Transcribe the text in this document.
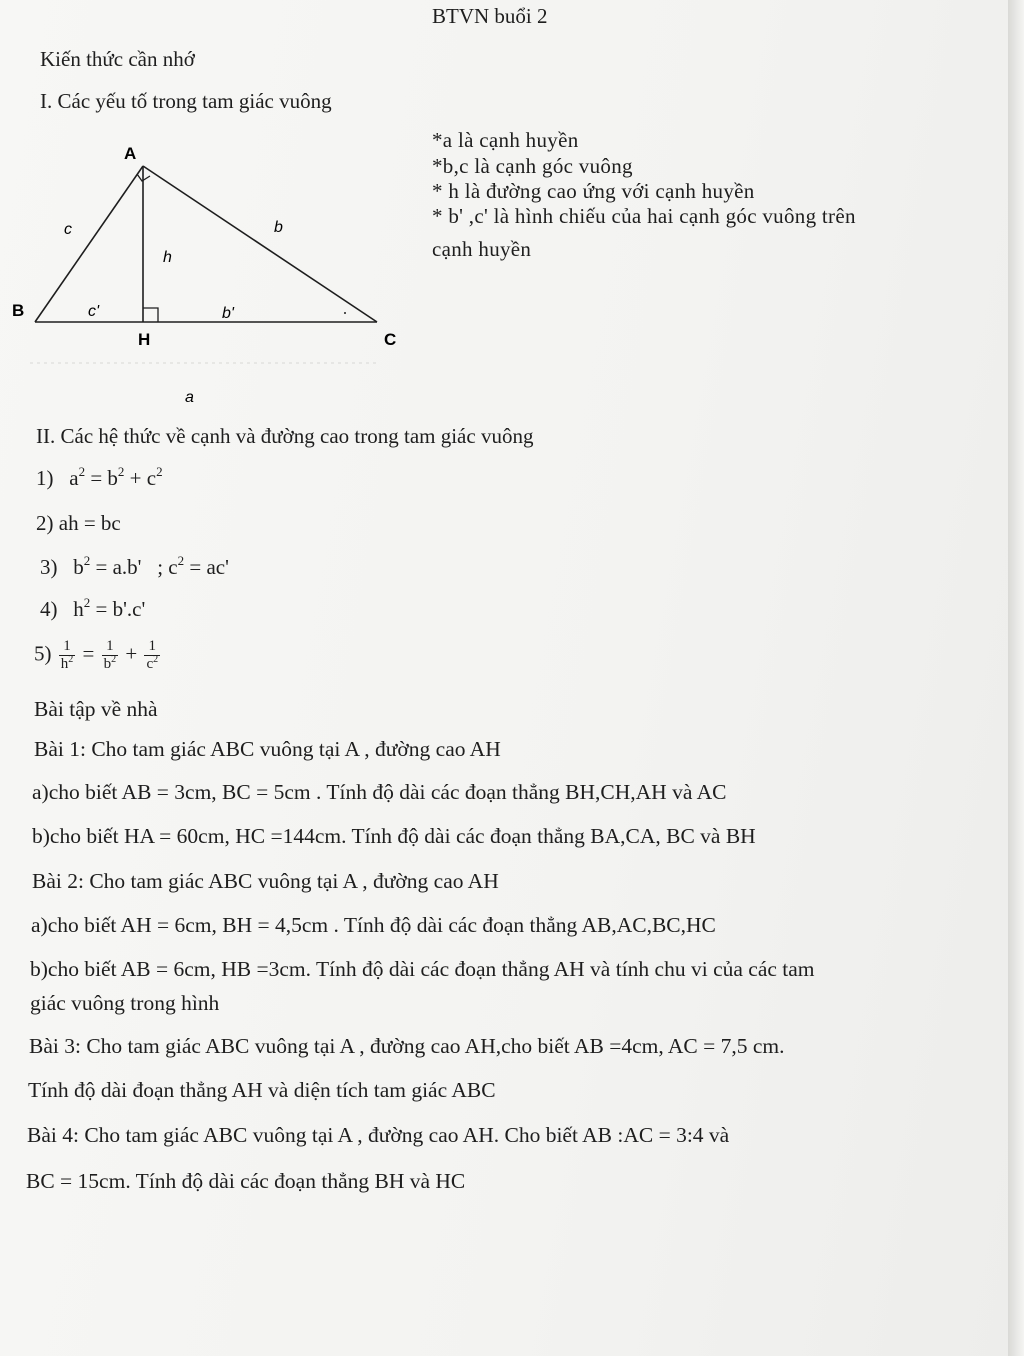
BTVN buổi 2
Kiến thức cần nhớ
I. Các yếu tố trong tam giác vuông
A
B
C
H
c	b
h
c'	b'
a
*a là cạnh huyền
*b,c là cạnh góc vuông
* h là đường cao ứng với cạnh huyền
* b' ,c' là hình chiếu của hai cạnh góc vuông trên
cạnh huyền
II. Các hệ thức về cạnh và đường cao trong tam giác vuông
1)   $a^2 = b^2 + c^2$
2) ah = bc
3)   $b^2 = a.b'$   ; $c^2 = ac'$
4)   $h^2 = b'.c'$
$5) \frac{1}{h^2} = \frac{1}{b^2} + \frac{1}{c^2}$
Bài tập về nhà
Bài 1: Cho tam giác ABC vuông tại A , đường cao AH
a)cho biết AB = 3cm, BC = 5cm . Tính độ dài các đoạn thẳng BH,CH,AH và AC
b)cho biết HA = 60cm, HC =144cm. Tính độ dài các đoạn thẳng BA,CA, BC và BH
Bài 2: Cho tam giác ABC vuông tại A , đường cao AH
a)cho biết AH = 6cm, BH = 4,5cm . Tính độ dài các đoạn thẳng AB,AC,BC,HC
b)cho biết AB = 6cm, HB =3cm. Tính độ dài các đoạn thẳng AH và tính chu vi của các tam
giác vuông trong hình
Bài 3: Cho tam giác ABC vuông tại A , đường cao AH,cho biết AB =4cm, AC = 7,5 cm.
Tính độ dài đoạn thẳng AH và diện tích tam giác ABC
Bài 4: Cho tam giác ABC vuông tại A , đường cao AH. Cho biết AB :AC = 3:4 và
BC = 15cm. Tính độ dài các đoạn thẳng BH và HC
